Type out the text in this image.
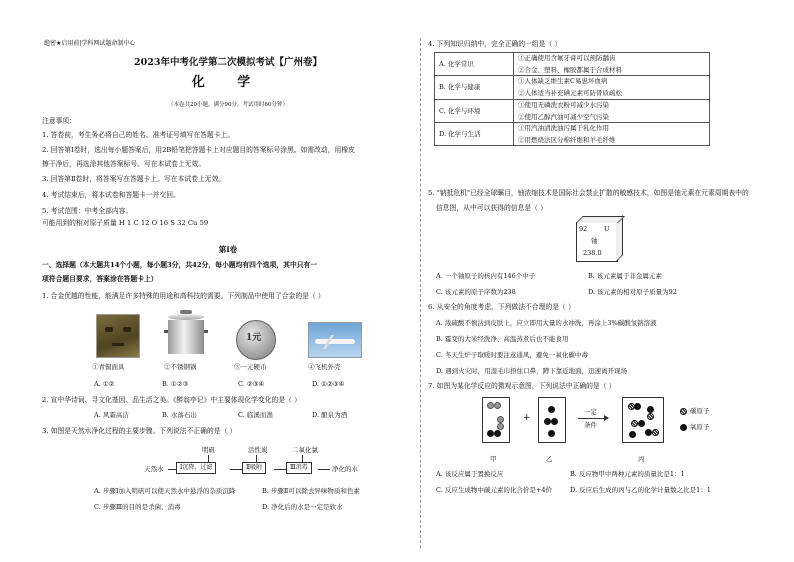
绝密★启用前|学科网试题命制中心
2023年中考化学第二次模拟考试【广州卷】
化 学
（本卷共20小题，满分90分，考试用时60分钟）
注意事项：
1. 答卷前，考生务必将自己的姓名、准考证号填写在答题卡上。
2. 回答第Ⅰ卷时，选出每小题答案后，用2B铅笔把答题卡上对应题目的答案标号涂黑。如需改动，用橡皮
擦干净后，再选涂其他答案标号。写在本试卷上无效。
3. 回答第Ⅱ卷时，将答案写在答题卡上。写在本试卷上无效。
4. 考试结束后，将本试卷和答题卡一并交回。
5. 考试范围：中考全部内容。
可能用到的相对原子质量 H 1 C 12 O 16 S 32 Cu 59
第Ⅰ卷
一、选择题（本大题共14个小题，每小题3分，共42分，每小题均有四个选项，其中只有一
项符合题目要求，答案涂在答题卡上）
1. 合金优越的性能，能满足许多特殊的用途和高科技的需要。下列制品中使用了合金的是（ ）
1元
①青铜面具	②不锈钢锅	③一元硬币	④飞机外壳
A. ①②	B. ①②③	C. ②③④	D. ①②③④
2. 宣中华诗词、寻文化基因、品生活之美。《醉翁亭记》中主要体现化学变化的是（ ）
A. 风霜高洁	B. 水落石出	C. 临溪而渔	D. 酿泉为酒
3. 如图是天然水净化过程的主要步骤。下列说法不正确的是（ ）
明矾	活性炭	二氧化氯
天然水	Ⅰ沉降、过滤	Ⅱ吸附	Ⅲ消毒	净化的水
A. 步骤Ⅰ加入明矾可以使天然水中悬浮的杂质沉降	B. 步骤Ⅱ可以除去异味物质和色素
C. 步骤Ⅲ的目的是杀菌、消毒	D. 净化后的水是一定是软水
4. 下列知识归纳中，完全正确的一组是（ ）
A. 化学常识	①正确使用含氟牙膏可以预防龋齿
②合金、塑料、橡胶都属于合成材料

B. 化学与健康	①人体缺乏维生素C易患坏血病
②人体适当补充碘元素可防骨质疏松

C. 化学与环境	①使用无磷洗衣粉可减少水污染
②使用乙醇汽油可减少空气污染

D. 化学与生活	①用汽油清洗油污属于乳化作用
②用燃烧法区分棉纤维和羊毛纤维
5. "钠抵危机"已经全球瞩目，铀浓缩技术是国际社会禁止扩散的敏感技术，如图是铀元素在元素周期表中的
信息图，从中可以获得的信息是（ ）
92	U
铀
238.0
A. 一个铀原子的核内有146个中子	B. 该元素属于非金属元素
C. 该元素的原子序数为238	D. 该元素的相对原子质量为92
6. 从安全的角度考虑，下列做法不合理的是（ ）
A. 浓硫酸不慎沾到皮肤上，应立即用大量的水冲洗，再涂上3%碳酸氢钠溶液
B. 霉变的大米经洗净、高温蒸煮后也不能食用
C. 冬天生炉子取暖时要注意通风，避免一氧化碳中毒
D. 遇到火灾时，用湿毛巾捂住口鼻，蹲下靠近地面，迅速离开现场
7. 如图为某化学反应的微观示意图，下列说法中正确的是（ ）
+
一定
条件
碳原子
氧原子
甲	乙	丙
A. 该反应属于置换反应	B. 反应物甲中两种元素的质量比是1：1
C. 反应生成物中碳元素的化合价是+4价	D. 反应后生成的丙与乙的化学计量数之比是1：1
